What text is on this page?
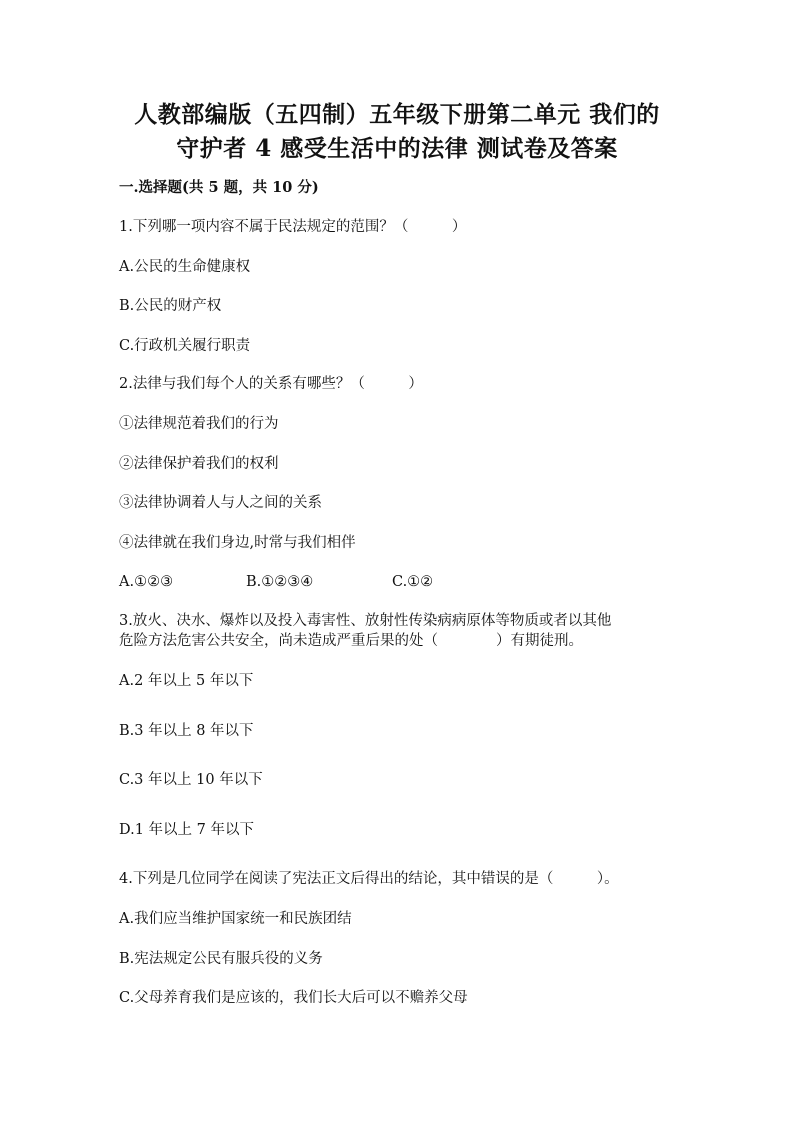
人教部编版（五四制）五年级下册第二单元 我们的
守护者 4 感受生活中的法律 测试卷及答案
一.选择题(共 5 题，共 10 分)
1.下列哪一项内容不属于民法规定的范围？（　　　）
A.公民的生命健康权
B.公民的财产权
C.行政机关履行职责
2.法律与我们每个人的关系有哪些？（　　　）
①法律规范着我们的行为
②法律保护着我们的权利
③法律协调着人与人之间的关系
④法律就在我们身边,时常与我们相伴
A.①②③	B.①②③④	C.①②
3.放火、决水、爆炸以及投入毒害性、放射性传染病病原体等物质或者以其他
危险方法危害公共安全，尚未造成严重后果的处（　　　　）有期徒刑。
A.2 年以上 5 年以下
B.3 年以上 8 年以下
C.3 年以上 10 年以下
D.1 年以上 7 年以下
4.下列是几位同学在阅读了宪法正文后得出的结论，其中错误的是（　　　）。
A.我们应当维护国家统一和民族团结
B.宪法规定公民有服兵役的义务
C.父母养育我们是应该的，我们长大后可以不赡养父母
